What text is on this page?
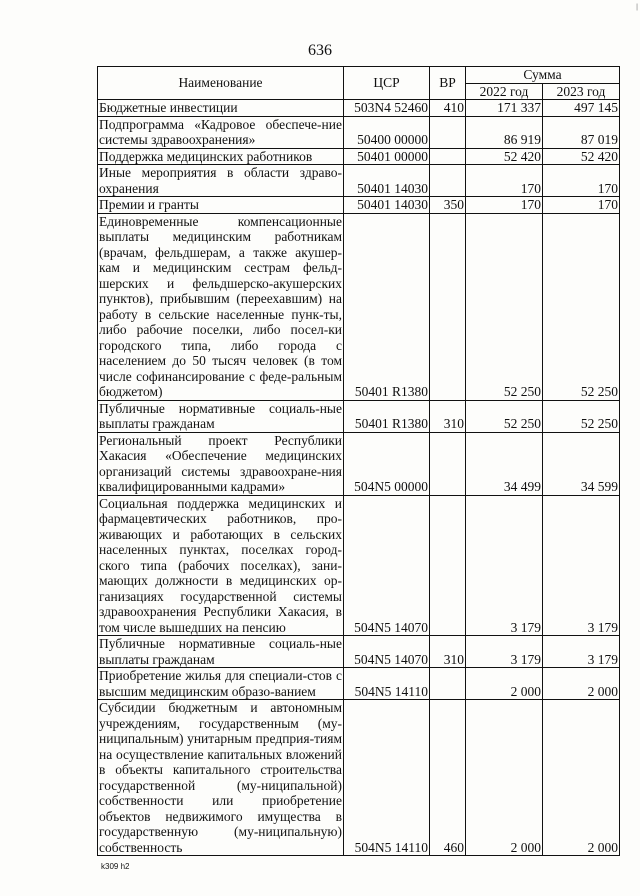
|
636
Наименование	ЦСР	ВР	Сумма	
			2022 год	2023 год
Бюджетные инвестиции	503N4 52460	410	171 337	497 145
Подпрограмма «Кадровое обеспече-ние системы здравоохранения»	50400 00000		86 919	87 019
Поддержка медицинских работников	50401 00000		52 420	52 420
Иные мероприятия в области здраво-охранения	50401 14030		170	170
Премии и гранты	50401 14030	350	170	170
Единовременные компенсационные выплаты медицинским работникам (врачам, фельдшерам, а также акушер-кам и медицинским сестрам фельд-шерских и фельдшерско-акушерских пунктов), прибывшим (переехавшим) на работу в сельские населенные пунк-ты, либо рабочие поселки, либо посел-ки городского типа, либо города с населением до 50 тысяч человек (в том числе софинансирование с феде-ральным бюджетом)	50401 R1380		52 250	52 250
Публичные нормативные социаль-ные выплаты гражданам	50401 R1380	310	52 250	52 250
Региональный проект Республики Хакасия «Обеспечение медицинских организаций системы здравоохране-ния квалифицированными кадрами»	504N5 00000		34 499	34 599
Социальная поддержка медицинских и фармацевтических работников, про-живающих и работающих в сельских населенных пунктах, поселках город-ского типа (рабочих поселках), зани-мающих должности в медицинских ор-ганизациях государственной системы здравоохранения Республики Хакасия, в том числе вышедших на пенсию	504N5 14070		3 179	3 179
Публичные нормативные социаль-ные выплаты гражданам	504N5 14070	310	3 179	3 179
Приобретение жилья для специали-стов с высшим медицинским образо-ванием	504N5 14110		2 000	2 000
Субсидии бюджетным и автономным учреждениям, государственным (му-ниципальным) унитарным предприя-тиям на осуществление капитальных вложений в объекты капитального строительства государственной (му-ниципальной) собственности или приобретение объектов недвижимого имущества в государственную (му-ниципальную) собственность	504N5 14110	460	2 000	2 000
k309 h2
